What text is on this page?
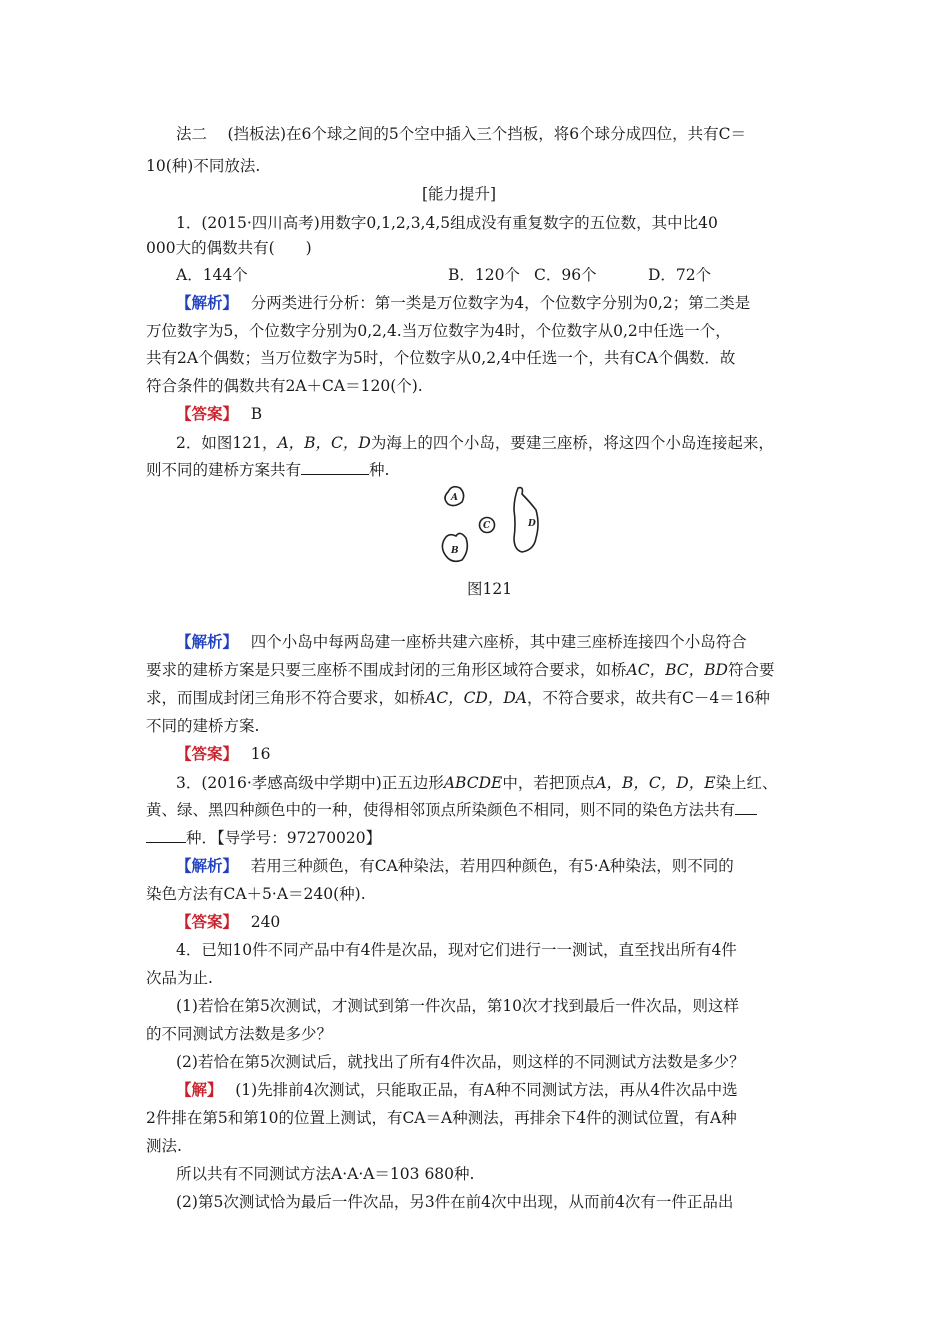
法二　 (挡板法)在6个球之间的5个空中插入三个挡板，将6个球分成四位，共有C＝
10(种)不同放法.
[能力提升]
1．(2015·四川高考)用数字0,1,2,3,4,5组成没有重复数字的五位数，其中比40
000大的偶数共有(　　)
A．144个	B．120个 C．96个	D．72个
【解析】　 分两类进行分析：第一类是万位数字为4，个位数字分别为0,2；第二类是
万位数字为5，个位数字分别为0,2,4.当万位数字为4时，个位数字从0,2中任选一个，
共有2A个偶数；当万位数字为5时，个位数字从0,2,4中任选一个，共有CA个偶数．故
符合条件的偶数共有2A＋CA＝120(个).
【答案】　 B
2．如图121，A，B，C，D为海上的四个小岛，要建三座桥，将这四个小岛连接起来，
则不同的建桥方案共有	种.
A
B
C	D
图121
【解析】　 四个小岛中每两岛建一座桥共建六座桥，其中建三座桥连接四个小岛符合
要求的建桥方案是只要三座桥不围成封闭的三角形区域符合要求，如桥AC，BC，BD符合要
求，而围成封闭三角形不符合要求，如桥AC，CD，DA，不符合要求，故共有C－4＝16种
不同的建桥方案.
【答案】　 16
3．(2016·孝感高级中学期中)正五边形ABCDE中，若把顶点A，B，C，D，E染上红、
黄、绿、黑四种颜色中的一种，使得相邻顶点所染颜色不相同，则不同的染色方法共有
种．【导学号：97270020】
【解析】　 若用三种颜色，有CA种染法，若用四种颜色，有5·A种染法，则不同的
染色方法有CA＋5·A＝240(种).
【答案】　 240
4．已知10件不同产品中有4件是次品，现对它们进行一一测试，直至找出所有4件
次品为止.
(1)若恰在第5次测试，才测试到第一件次品，第10次才找到最后一件次品，则这样
的不同测试方法数是多少？
(2)若恰在第5次测试后，就找出了所有4件次品，则这样的不同测试方法数是多少？
【解】　 (1)先排前4次测试，只能取正品，有A种不同测试方法，再从4件次品中选
2件排在第5和第10的位置上测试，有CA＝A种测法，再排余下4件的测试位置，有A种
测法.
所以共有不同测试方法A·A·A＝103 680种.
(2)第5次测试恰为最后一件次品，另3件在前4次中出现，从而前4次有一件正品出
